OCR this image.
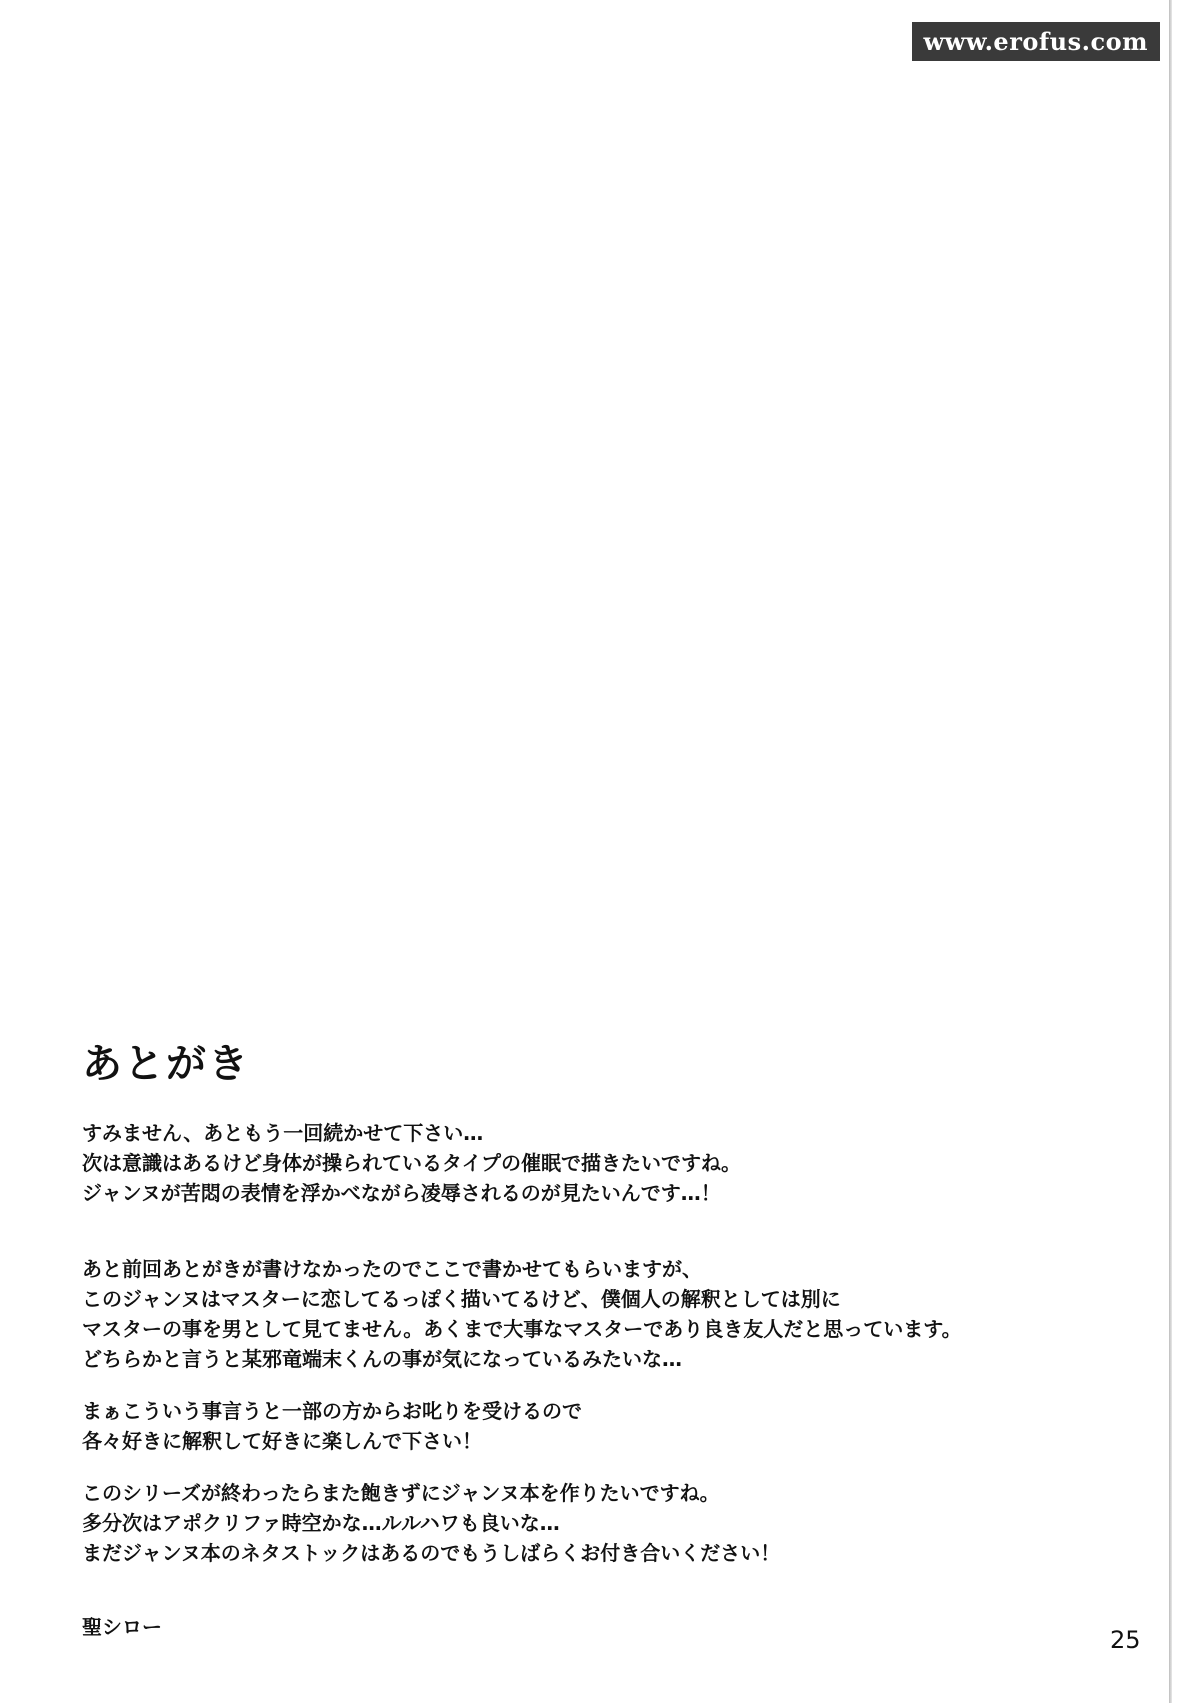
www.erofus.com
あとがき
すみません、あともう一回続かせて下さい…
次は意識はあるけど身体が操られているタイプの催眠で描きたいですね。
ジャンヌが苦悶の表情を浮かべながら凌辱されるのが見たいんです…！
あと前回あとがきが書けなかったのでここで書かせてもらいますが、
このジャンヌはマスターに恋してるっぽく描いてるけど、僕個人の解釈としては別に
マスターの事を男として見てません。あくまで大事なマスターであり良き友人だと思っています。
どちらかと言うと某邪竜端末くんの事が気になっているみたいな…
まぁこういう事言うと一部の方からお叱りを受けるので
各々好きに解釈して好きに楽しんで下さい！
このシリーズが終わったらまた飽きずにジャンヌ本を作りたいですね。
多分次はアポクリファ時空かな…ルルハワも良いな…
まだジャンヌ本のネタストックはあるのでもうしばらくお付き合いください！
聖シロー	25
